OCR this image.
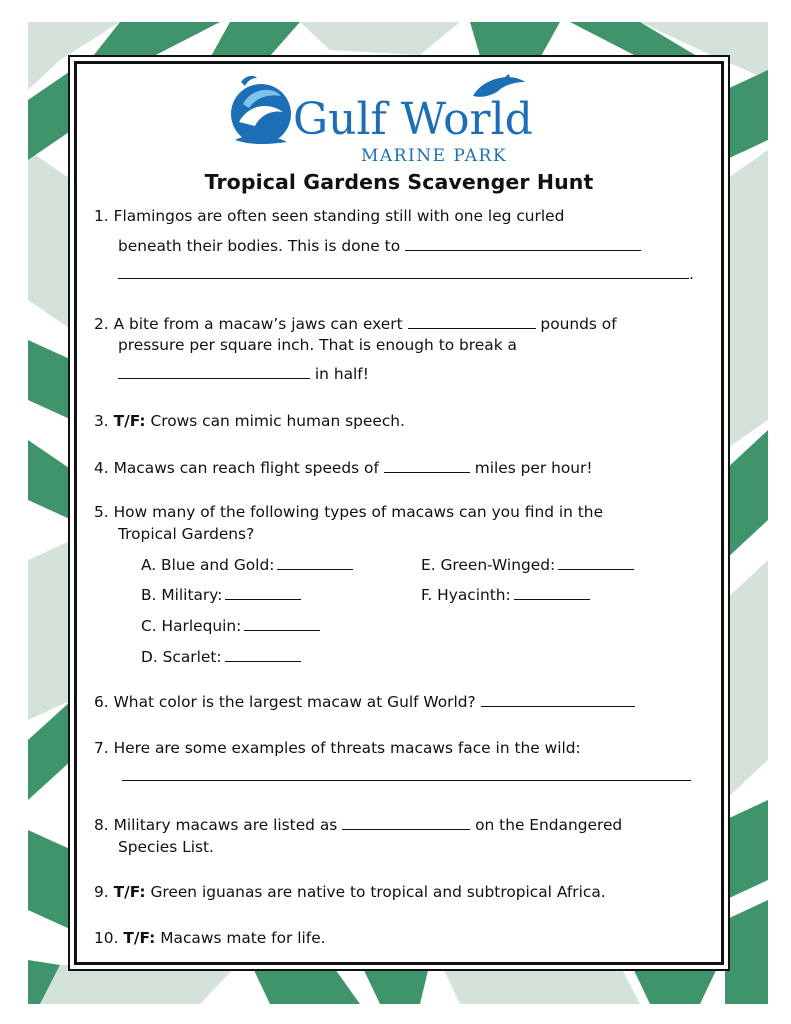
Gulf World
MARINE PARK
Tropical Gardens Scavenger Hunt
1. Flamingos are often seen standing still with one leg curled
beneath their bodies. This is done to
.
2. A bite from a macaw’s jaws can exert	pounds of
pressure per square inch. That is enough to break a
in half!
3. T/F: Crows can mimic human speech.
4. Macaws can reach flight speeds of	miles per hour!
5. How many of the following types of macaws can you find in the
Tropical Gardens?
A. Blue and Gold:	E. Green-Winged:
B. Military:	F. Hyacinth:
C. Harlequin:
D. Scarlet:
6. What color is the largest macaw at Gulf World?
7. Here are some examples of threats macaws face in the wild:
8. Military macaws are listed as	on the Endangered
Species List.
9. T/F: Green iguanas are native to tropical and subtropical Africa.
10. T/F: Macaws mate for life.
